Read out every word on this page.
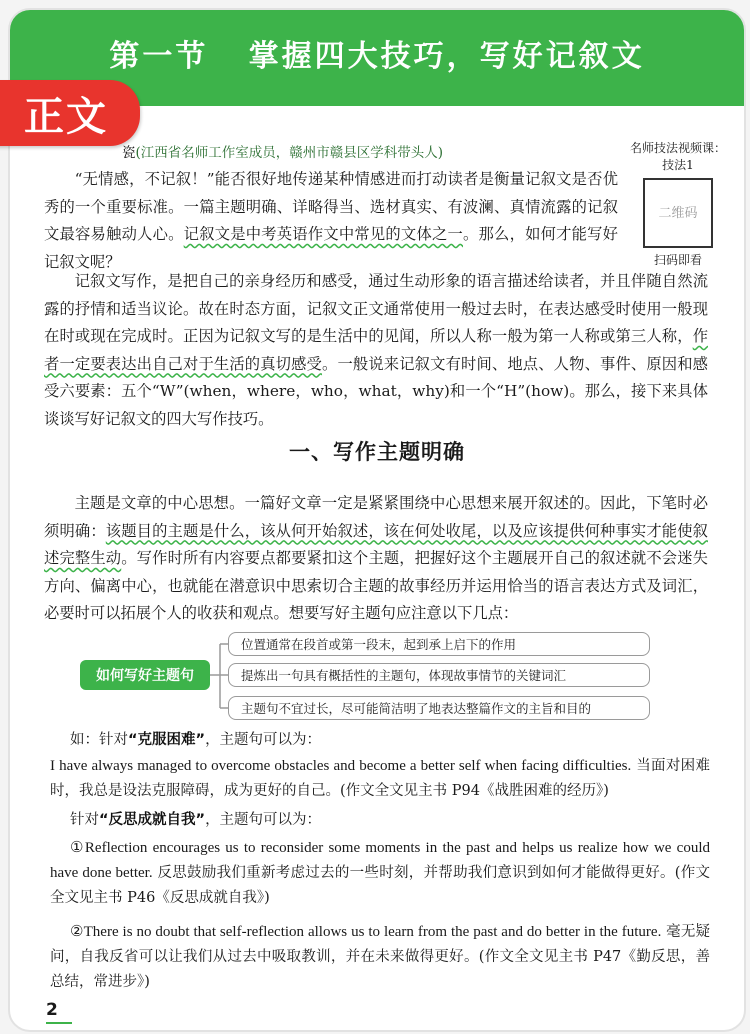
第一节   掌握四大技巧，写好记叙文
瓷(江西省名师工作室成员，赣州市赣县区学科带头人)	名师技法视频课：技法1
二维码
扫码即看

“无情感，不记叙！”能否很好地传递某种情感进而打动读者是衡量记叙文是否优秀的一个重要标准。一篇主题明确、详略得当、选材真实、有波澜、真情流露的记叙文最容易触动人心。记叙文是中考英语作文中常见的文体之一。那么，如何才能写好记叙文呢？

记叙文写作，是把自己的亲身经历和感受，通过生动形象的语言描述给读者，并且伴随自然流露的抒情和适当议论。故在时态方面，记叙文正文通常使用一般过去时，在表达感受时使用一般现在时或现在完成时。正因为记叙文写的是生活中的见闻，所以人称一般为第一人称或第三人称，作者一定要表达出自己对于生活的真切感受。一般说来记叙文有时间、地点、人物、事件、原因和感受六要素：五个“W”(when，where，who，what，why)和一个“H”(how)。那么，接下来具体谈谈写好记叙文的四大写作技巧。

一、写作主题明确

主题是文章的中心思想。一篇好文章一定是紧紧围绕中心思想来展开叙述的。因此，下笔时必须明确：该题目的主题是什么，该从何开始叙述，该在何处收尾，以及应该提供何种事实才能使叙述完整生动。写作时所有内容要点都要紧扣这个主题，把握好这个主题展开自己的叙述就不会迷失方向、偏离中心，也就能在潜意识中思索切合主题的故事经历并运用恰当的语言表达方式及词汇，必要时可以拓展个人的收获和观点。想要写好主题句应注意以下几点：

如何写好主题句
位置通常在段首或第一段末，起到承上启下的作用
提炼出一句具有概括性的主题句，体现故事情节的关键词汇
主题句不宜过长，尽可能简洁明了地表达整篇作文的主旨和目的
如：针对“克服困难”，主题句可以为：
I have always managed to overcome obstacles and become a better self when facing difficulties. 当面对困难时，我总是设法克服障碍，成为更好的自己。(作文全文见主书 P94《战胜困难的经历》)
针对“反思成就自我”，主题句可以为：
①Reflection encourages us to reconsider some moments in the past and helps us realize how we could have done better. 反思鼓励我们重新考虑过去的一些时刻，并帮助我们意识到如何才能做得更好。(作文全文见主书 P46《反思成就自我》)
②There is no doubt that self-reflection allows us to learn from the past and do better in the future. 毫无疑问，自我反省可以让我们从过去中吸取教训，并在未来做得更好。(作文全文见主书 P47《勤反思，善总结，常进步》)
2
正文
